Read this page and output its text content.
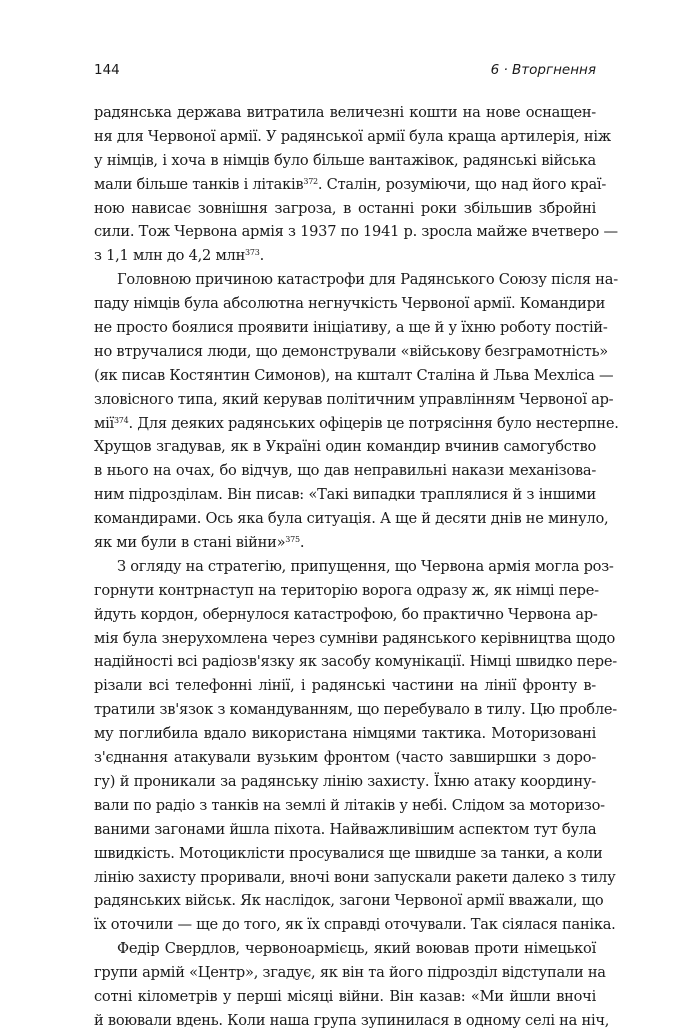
144	6 · Вторгнення
радянська держава витратила величезні кошти на нове оснащен-
ня для Червоної армії. У радянської армії була краща артилерія, ніж
у німців, і хоча в німців було більше вантажівок, радянські війська
мали більше танків і літаків$^{372}$. Сталін, розуміючи, що над його краї-
ною нависає зовнішня загроза, в останні роки збільшив збройні
сили. Тож Червона армія з 1937 по 1941 р. зросла майже вчетверо —
з 1,1 млн до 4,2 млн$^{373}$.
Головною причиною катастрофи для Радянського Союзу після на-
паду німців була абсолютна негнучкість Червоної армії. Командири
не просто боялися проявити ініціативу, а ще й у їхню роботу постій-
но втручалися люди, що демонстрували «військову безграмотність»
(як писав Костянтин Симонов), на кшталт Сталіна й Льва Мехліса —
зловісного типа, який керував політичним управлінням Червоної ар-
мії$^{374}$. Для деяких радянських офіцерів це потрясіння було нестерпне.
Хрущов згадував, як в Україні один командир вчинив самогубство
в нього на очах, бо відчув, що дав неправильні накази механізова-
ним підрозділам. Він писав: «Такі випадки траплялися й з іншими
командирами. Ось яка була ситуація. А ще й десяти днів не минуло,
як ми були в стані війни»$^{375}$.
З огляду на стратегію, припущення, що Червона армія могла роз-
горнути контрнаступ на територію ворога одразу ж, як німці пере-
йдуть кордон, обернулося катастрофою, бо практично Червона ар-
мія була знерухомлена через сумніви радянського керівництва щодо
надійності всі радіозв'язку як засобу комунікації. Німці швидко пере-
різали всі телефонні лінії, і радянські частини на лінії фронту в-
тратили зв'язок з командуванням, що перебувало в тилу. Цю пробле-
му поглибила вдало використана німцями тактика. Моторизовані
з'єднання атакували вузьким фронтом (часто завширшки з доро-
гу) й проникали за радянську лінію захисту. Їхню атаку координу-
вали по радіо з танків на землі й літаків у небі. Слідом за моторизо-
ваними загонами йшла піхота. Найважливішим аспектом тут була
швидкість. Мотоциклісти просувалися ще швидше за танки, а коли
лінію захисту проривали, вночі вони запускали ракети далеко з тилу
радянських військ. Як наслідок, загони Червоної армії вважали, що
їх оточили — ще до того, як їх справді оточували. Так сіялася паніка.
Федір Свердлов, червоноармієць, який воював проти німецької
групи армій «Центр», згадує, як він та його підрозділ відступали на
сотні кілометрів у перші місяці війни. Він казав: «Ми йшли вночі
й воювали вдень. Коли наша група зупинилася в одному селі на ніч,
